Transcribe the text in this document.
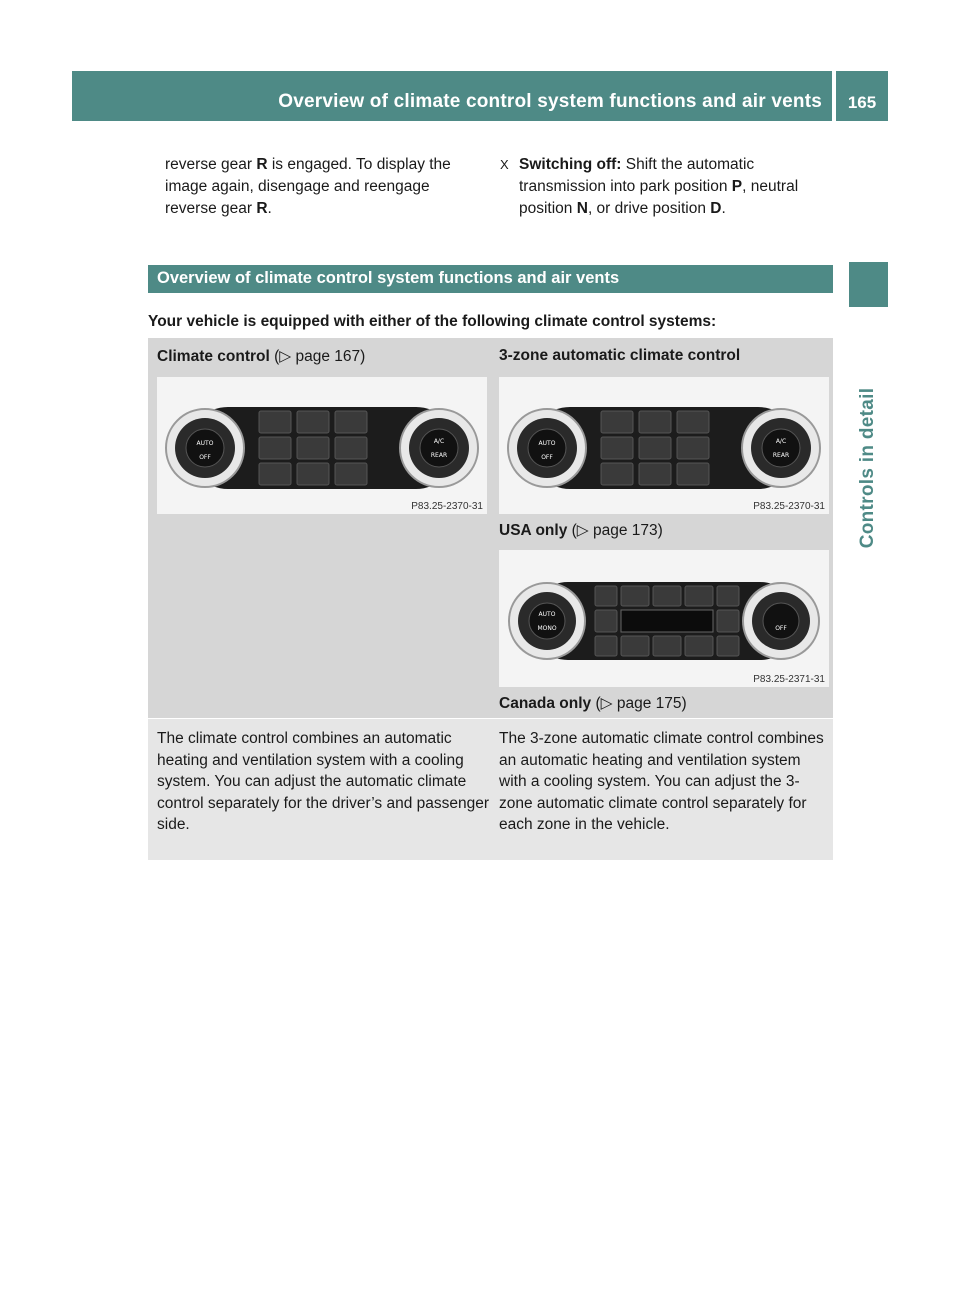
Overview of climate control system functions and air vents	165
Controls in detail
reverse gear R is engaged. To display the image again, disengage and reengage reverse gear R.
X Switching off: Shift the automatic transmission into park position P, neutral position N, or drive position D.
Overview of climate control system functions and air vents
Your vehicle is equipped with either of the following climate control systems:
Climate control (▷ page 167)	3-zone automatic climate control
AUTO
OFF
A/C
REAR
P83.25-2370-31
AUTO
OFF
A/C
REAR
P83.25-2370-31
USA only (▷ page 173)
AUTO
MONO	OFF
P83.25-2371-31
Canada only (▷ page 175)
The climate control combines an automatic heating and ventilation system with a cooling system. You can adjust the automatic climate control separately for the driver’s and passenger side.
The 3-zone automatic climate control combines an automatic heating and ventilation system with a cooling system. You can adjust the 3-zone automatic climate control separately for each zone in the vehicle.
